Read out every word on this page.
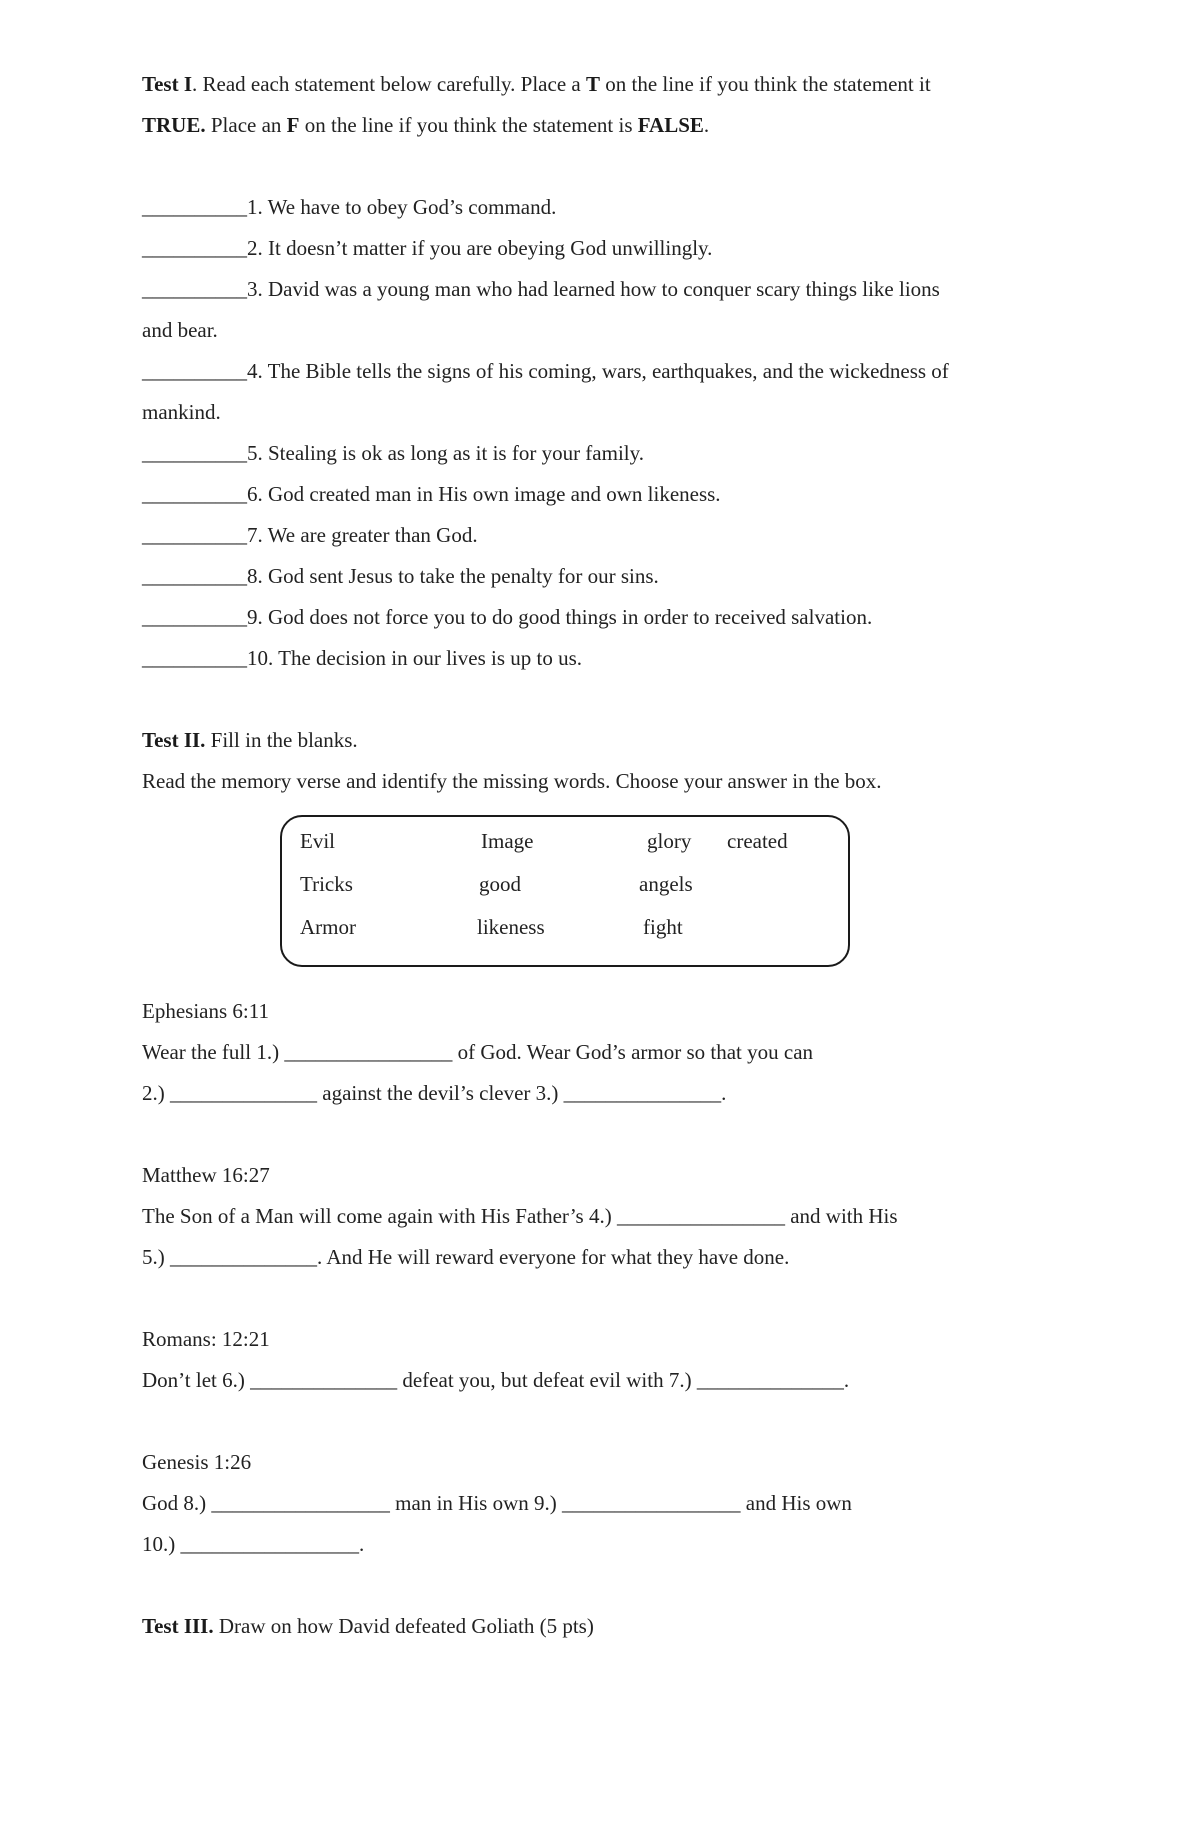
Test I. Read each statement below carefully. Place a T on the line if you think the statement it
TRUE. Place an F on the line if you think the statement is FALSE.
__________1. We have to obey God’s command.
__________2. It doesn’t matter if you are obeying God unwillingly.
__________3. David was a young man who had learned how to conquer scary things like lions
and bear.
__________4. The Bible tells the signs of his coming, wars, earthquakes, and the wickedness of
mankind.
__________5. Stealing is ok as long as it is for your family.
__________6. God created man in His own image and own likeness.
__________7. We are greater than God.
__________8. God sent Jesus to take the penalty for our sins.
__________9. God does not force you to do good things in order to received salvation.
__________10. The decision in our lives is up to us.
Test II. Fill in the blanks.
Read the memory verse and identify the missing words. Choose your answer in the box.
Evil	Image	glory created
Tricks	good	angels
Armor	likeness	fight
Ephesians 6:11
Wear the full 1.) ________________ of God. Wear God’s armor so that you can
2.) ______________ against the devil’s clever 3.) _______________.
Matthew 16:27
The Son of a Man will come again with His Father’s 4.) ________________ and with His
5.) ______________. And He will reward everyone for what they have done.
Romans: 12:21
Don’t let 6.) ______________ defeat you, but defeat evil with 7.) ______________.
Genesis 1:26
God 8.) _________________ man in His own 9.) _________________ and His own
10.) _________________.
Test III. Draw on how David defeated Goliath (5 pts)
